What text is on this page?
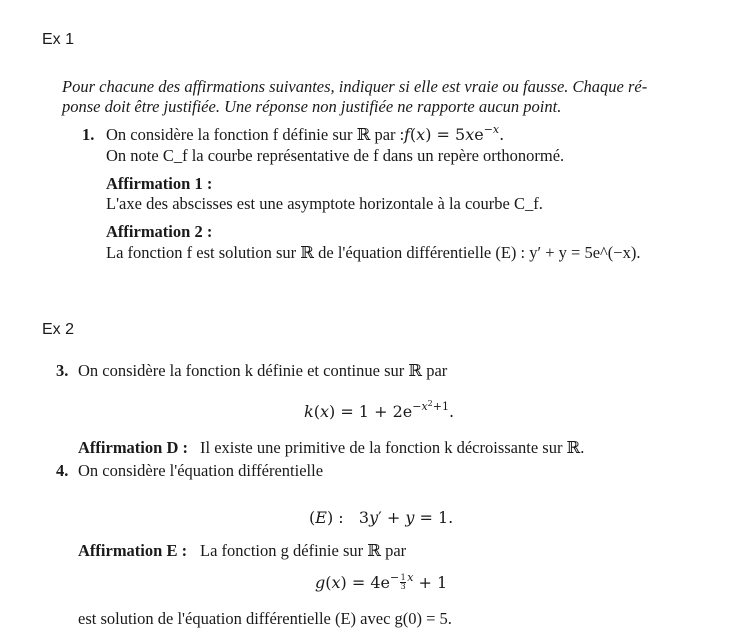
Ex 1
Pour chacune des affirmations suivantes, indiquer si elle est vraie ou fausse. Chaque ré-
ponse doit être justifiée. Une réponse non justifiée ne rapporte aucun point.
1. On considère la fonction f définie sur ℝ par : $f(x) = 5xe^{-x}$.
On note C_f la courbe représentative de f dans un repère orthonormé.
Affirmation 1 :
L'axe des abscisses est une asymptote horizontale à la courbe C_f.
Affirmation 2 :
La fonction f est solution sur ℝ de l'équation différentielle (E) : y′ + y = 5e^(−x).
Ex 2
3. On considère la fonction k définie et continue sur ℝ par
$k(x) = 1 + 2e^{-x^2+1}$.
Affirmation D : Il existe une primitive de la fonction k décroissante sur ℝ.
4. On considère l'équation différentielle
(E) :   3y′ + y = 1.
Affirmation E : La fonction g définie sur ℝ par
$g(x) = 4e^{- \frac{1}{3} x} + 1$
est solution de l'équation différentielle (E) avec g(0) = 5.
